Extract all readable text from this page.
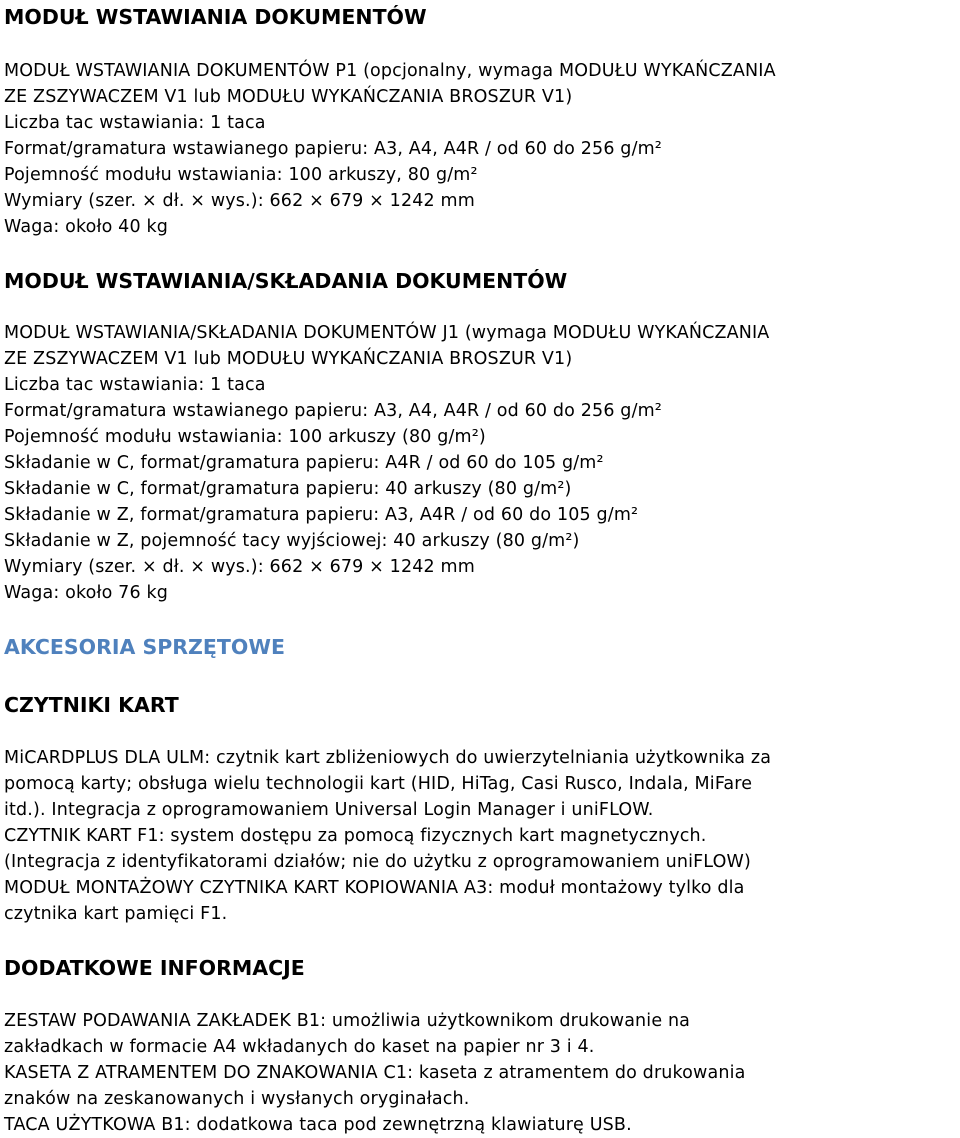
MODUŁ WSTAWIANIA DOKUMENTÓW
MODUŁ WSTAWIANIA DOKUMENTÓW P1 (opcjonalny, wymaga MODUŁU WYKAŃCZANIA
ZE ZSZYWACZEM V1 lub MODUŁU WYKAŃCZANIA BROSZUR V1)
Liczba tac wstawiania: 1 taca
Format/gramatura wstawianego papieru: A3, A4, A4R / od 60 do 256 g/m²
Pojemność modułu wstawiania: 100 arkuszy, 80 g/m²
Wymiary (szer. × dł. × wys.): 662 × 679 × 1242 mm
Waga: około 40 kg
MODUŁ WSTAWIANIA/SKŁADANIA DOKUMENTÓW
MODUŁ WSTAWIANIA/SKŁADANIA DOKUMENTÓW J1 (wymaga MODUŁU WYKAŃCZANIA
ZE ZSZYWACZEM V1 lub MODUŁU WYKAŃCZANIA BROSZUR V1)
Liczba tac wstawiania: 1 taca
Format/gramatura wstawianego papieru: A3, A4, A4R / od 60 do 256 g/m²
Pojemność modułu wstawiania: 100 arkuszy (80 g/m²)
Składanie w C, format/gramatura papieru: A4R / od 60 do 105 g/m²
Składanie w C, format/gramatura papieru: 40 arkuszy (80 g/m²)
Składanie w Z, format/gramatura papieru: A3, A4R / od 60 do 105 g/m²
Składanie w Z, pojemność tacy wyjściowej: 40 arkuszy (80 g/m²)
Wymiary (szer. × dł. × wys.): 662 × 679 × 1242 mm
Waga: około 76 kg
AKCESORIA SPRZĘTOWE
CZYTNIKI KART
MiCARDPLUS DLA ULM: czytnik kart zbliżeniowych do uwierzytelniania użytkownika za
pomocą karty; obsługa wielu technologii kart (HID, HiTag, Casi Rusco, Indala, MiFare
itd.). Integracja z oprogramowaniem Universal Login Manager i uniFLOW.
CZYTNIK KART F1: system dostępu za pomocą fizycznych kart magnetycznych.
(Integracja z identyfikatorami działów; nie do użytku z oprogramowaniem uniFLOW)
MODUŁ MONTAŻOWY CZYTNIKA KART KOPIOWANIA A3: moduł montażowy tylko dla
czytnika kart pamięci F1.
DODATKOWE INFORMACJE
ZESTAW PODAWANIA ZAKŁADEK B1: umożliwia użytkownikom drukowanie na
zakładkach w formacie A4 wkładanych do kaset na papier nr 3 i 4.
KASETA Z ATRAMENTEM DO ZNAKOWANIA C1: kaseta z atramentem do drukowania
znaków na zeskanowanych i wysłanych oryginałach.
TACA UŻYTKOWA B1: dodatkowa taca pod zewnętrzną klawiaturę USB.
